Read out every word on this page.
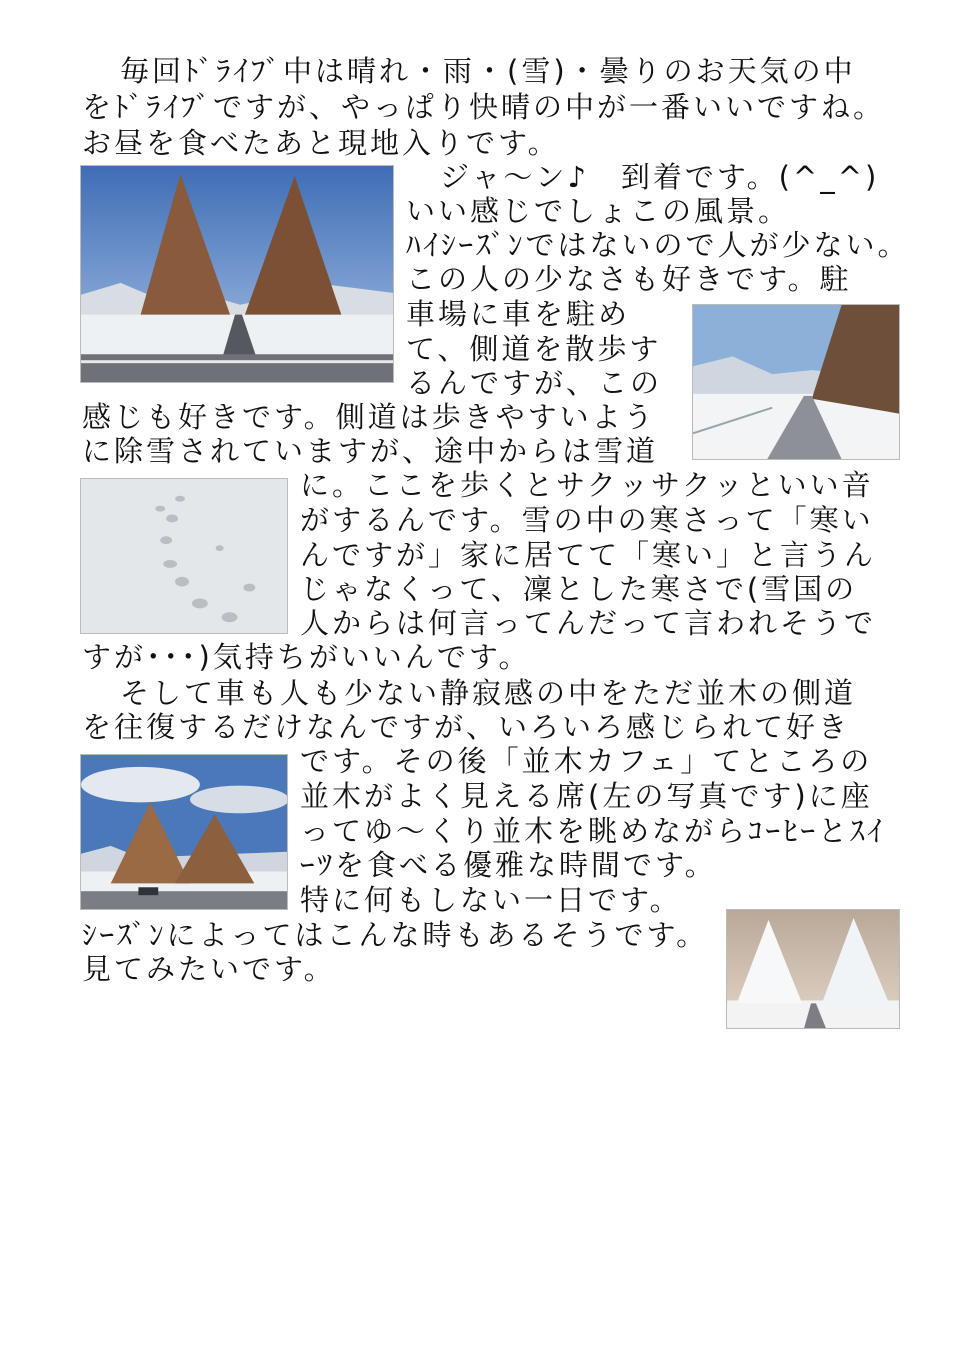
毎回ﾄﾞﾗｲﾌﾞ中は晴れ・雨・(雪)・曇りのお天気の中

をﾄﾞﾗｲﾌﾞですが、やっぱり快晴の中が一番いいですね。

お昼を食べたあと現地入りです。

ジャ～ン♪　到着です。(^_^)

いい感じでしょこの風景。

ﾊｲｼｰｽﾞﾝではないので人が少ない。

この人の少なさも好きです。駐

車場に車を駐め

て、側道を散歩す

るんですが、この

感じも好きです。側道は歩きやすいよう

に除雪されていますが、途中からは雪道

に。ここを歩くとサクッサクッといい音

がするんです。雪の中の寒さって「寒い

んですが」家に居てて「寒い」と言うん

じゃなくって、凜とした寒さで(雪国の

人からは何言ってんだって言われそうで

すが･･･)気持ちがいいんです。

そして車も人も少ない静寂感の中をただ並木の側道

を往復するだけなんですが、いろいろ感じられて好き

です。その後「並木カフェ」てところの

並木がよく見える席(左の写真です)に座

ってゆ～くり並木を眺めながらｺｰﾋｰとｽｲ

ｰﾂを食べる優雅な時間です。

特に何もしない一日です。

ｼｰｽﾞﾝによってはこんな時もあるそうです。

見てみたいです。
